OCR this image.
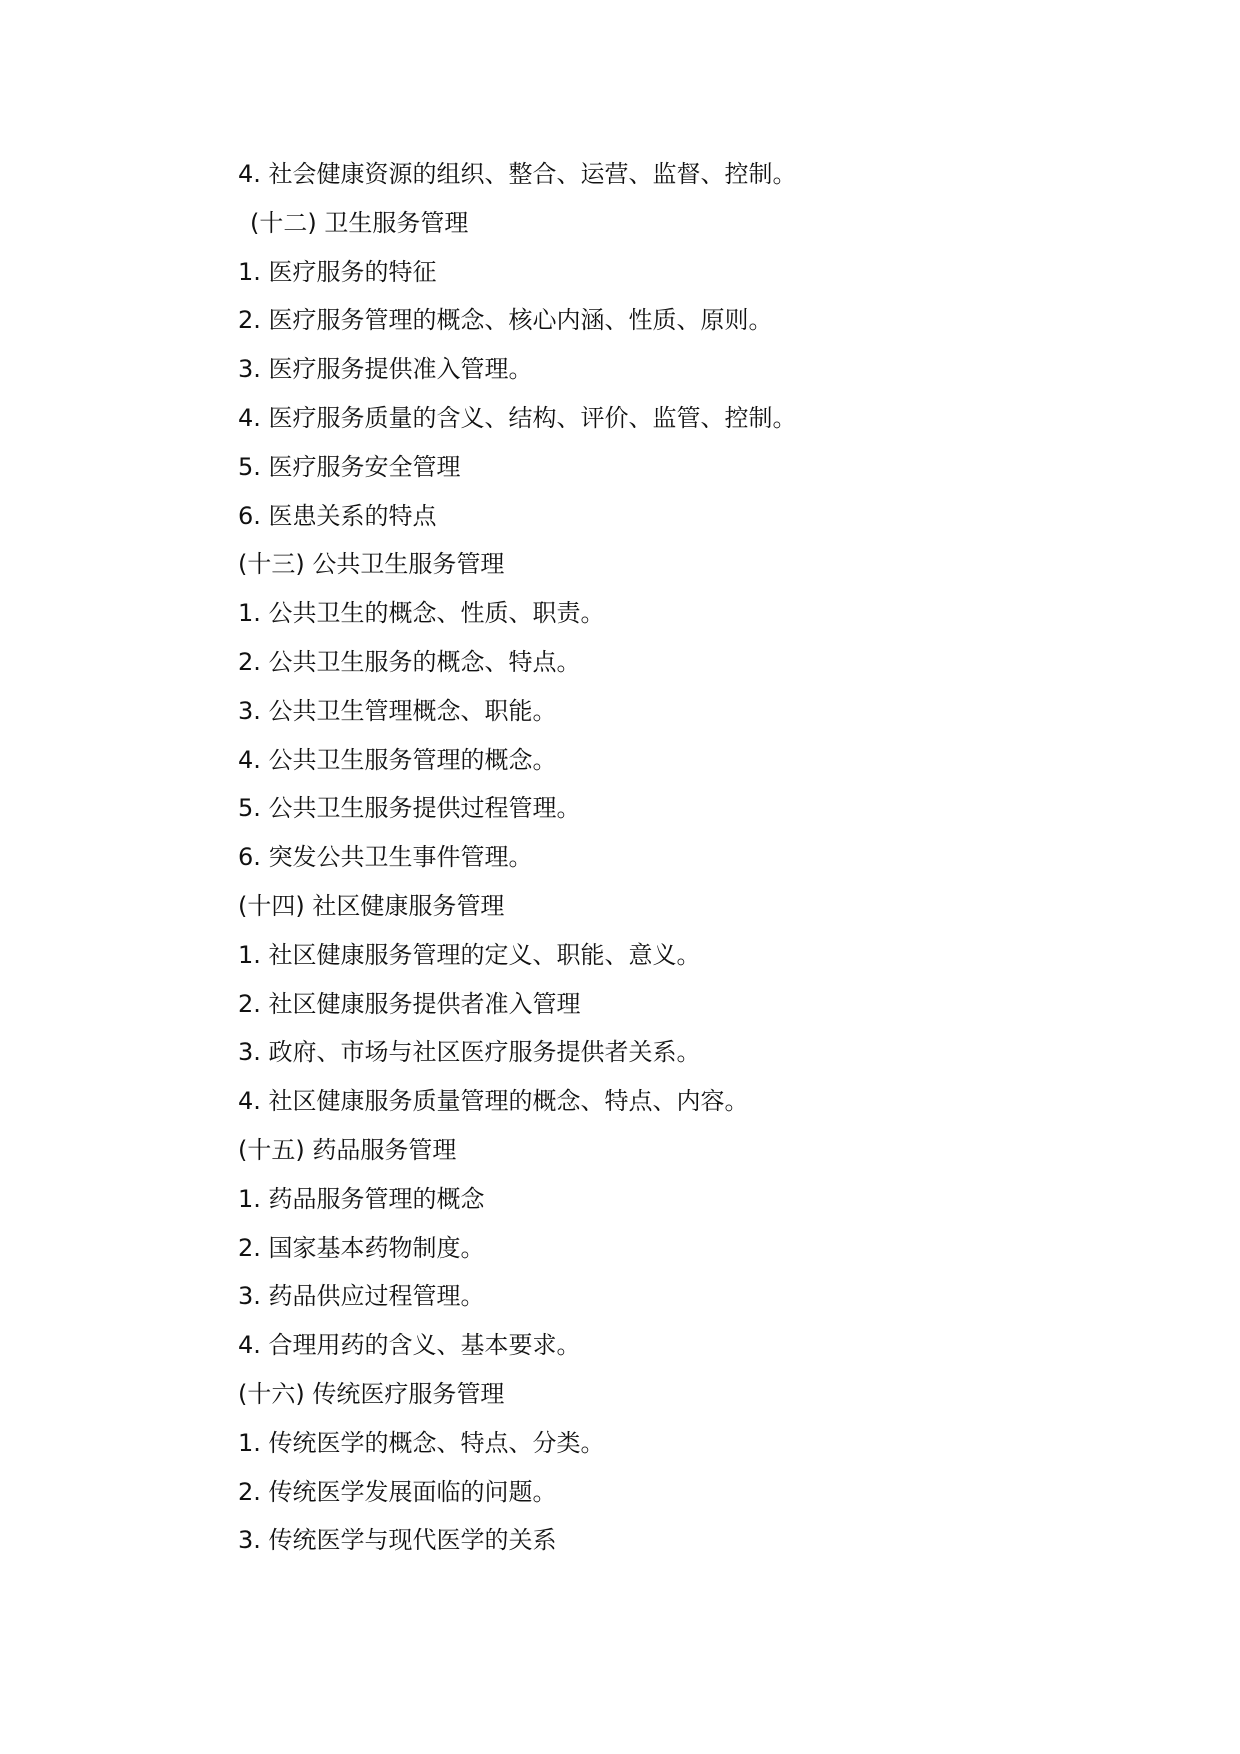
4. 社会健康资源的组织、整合、运营、监督、控制。
(十二) 卫生服务管理
1. 医疗服务的特征
2. 医疗服务管理的概念、核心内涵、性质、原则。
3. 医疗服务提供准入管理。
4. 医疗服务质量的含义、结构、评价、监管、控制。
5. 医疗服务安全管理
6. 医患关系的特点
(十三) 公共卫生服务管理
1. 公共卫生的概念、性质、职责。
2. 公共卫生服务的概念、特点。
3. 公共卫生管理概念、职能。
4. 公共卫生服务管理的概念。
5. 公共卫生服务提供过程管理。
6. 突发公共卫生事件管理。
(十四) 社区健康服务管理
1. 社区健康服务管理的定义、职能、意义。
2. 社区健康服务提供者准入管理
3. 政府、市场与社区医疗服务提供者关系。
4. 社区健康服务质量管理的概念、特点、内容。
(十五) 药品服务管理
1. 药品服务管理的概念
2. 国家基本药物制度。
3. 药品供应过程管理。
4. 合理用药的含义、基本要求。
(十六) 传统医疗服务管理
1. 传统医学的概念、特点、分类。
2. 传统医学发展面临的问题。
3. 传统医学与现代医学的关系
